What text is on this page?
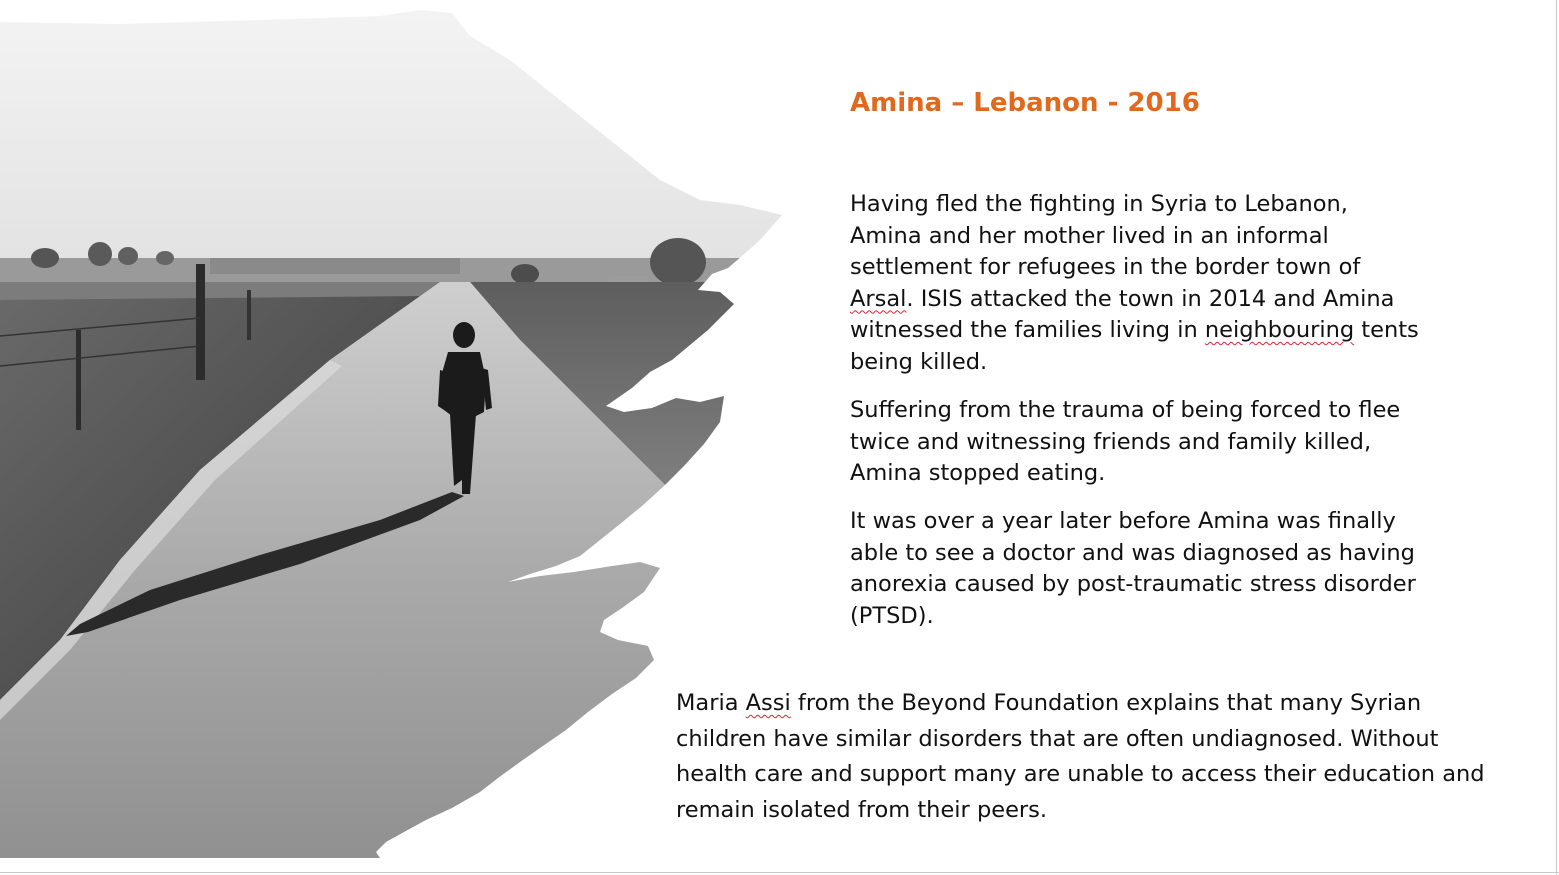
Amina – Lebanon - 2016
Having fled the fighting in Syria to Lebanon,
Amina and her mother lived in an informal
settlement for refugees in the border town of
Arsal. ISIS attacked the town in 2014 and Amina
witnessed the families living in neighbouring tents
being killed.
Suffering from the trauma of being forced to flee
twice and witnessing friends and family killed,
Amina stopped eating.
It was over a year later before Amina was finally
able to see a doctor and was diagnosed as having
anorexia caused by post-traumatic stress disorder
(PTSD).
Maria Assi from the Beyond Foundation explains that many Syrian
children have similar disorders that are often undiagnosed. Without
health care and support many are unable to access their education and
remain isolated from their peers.
